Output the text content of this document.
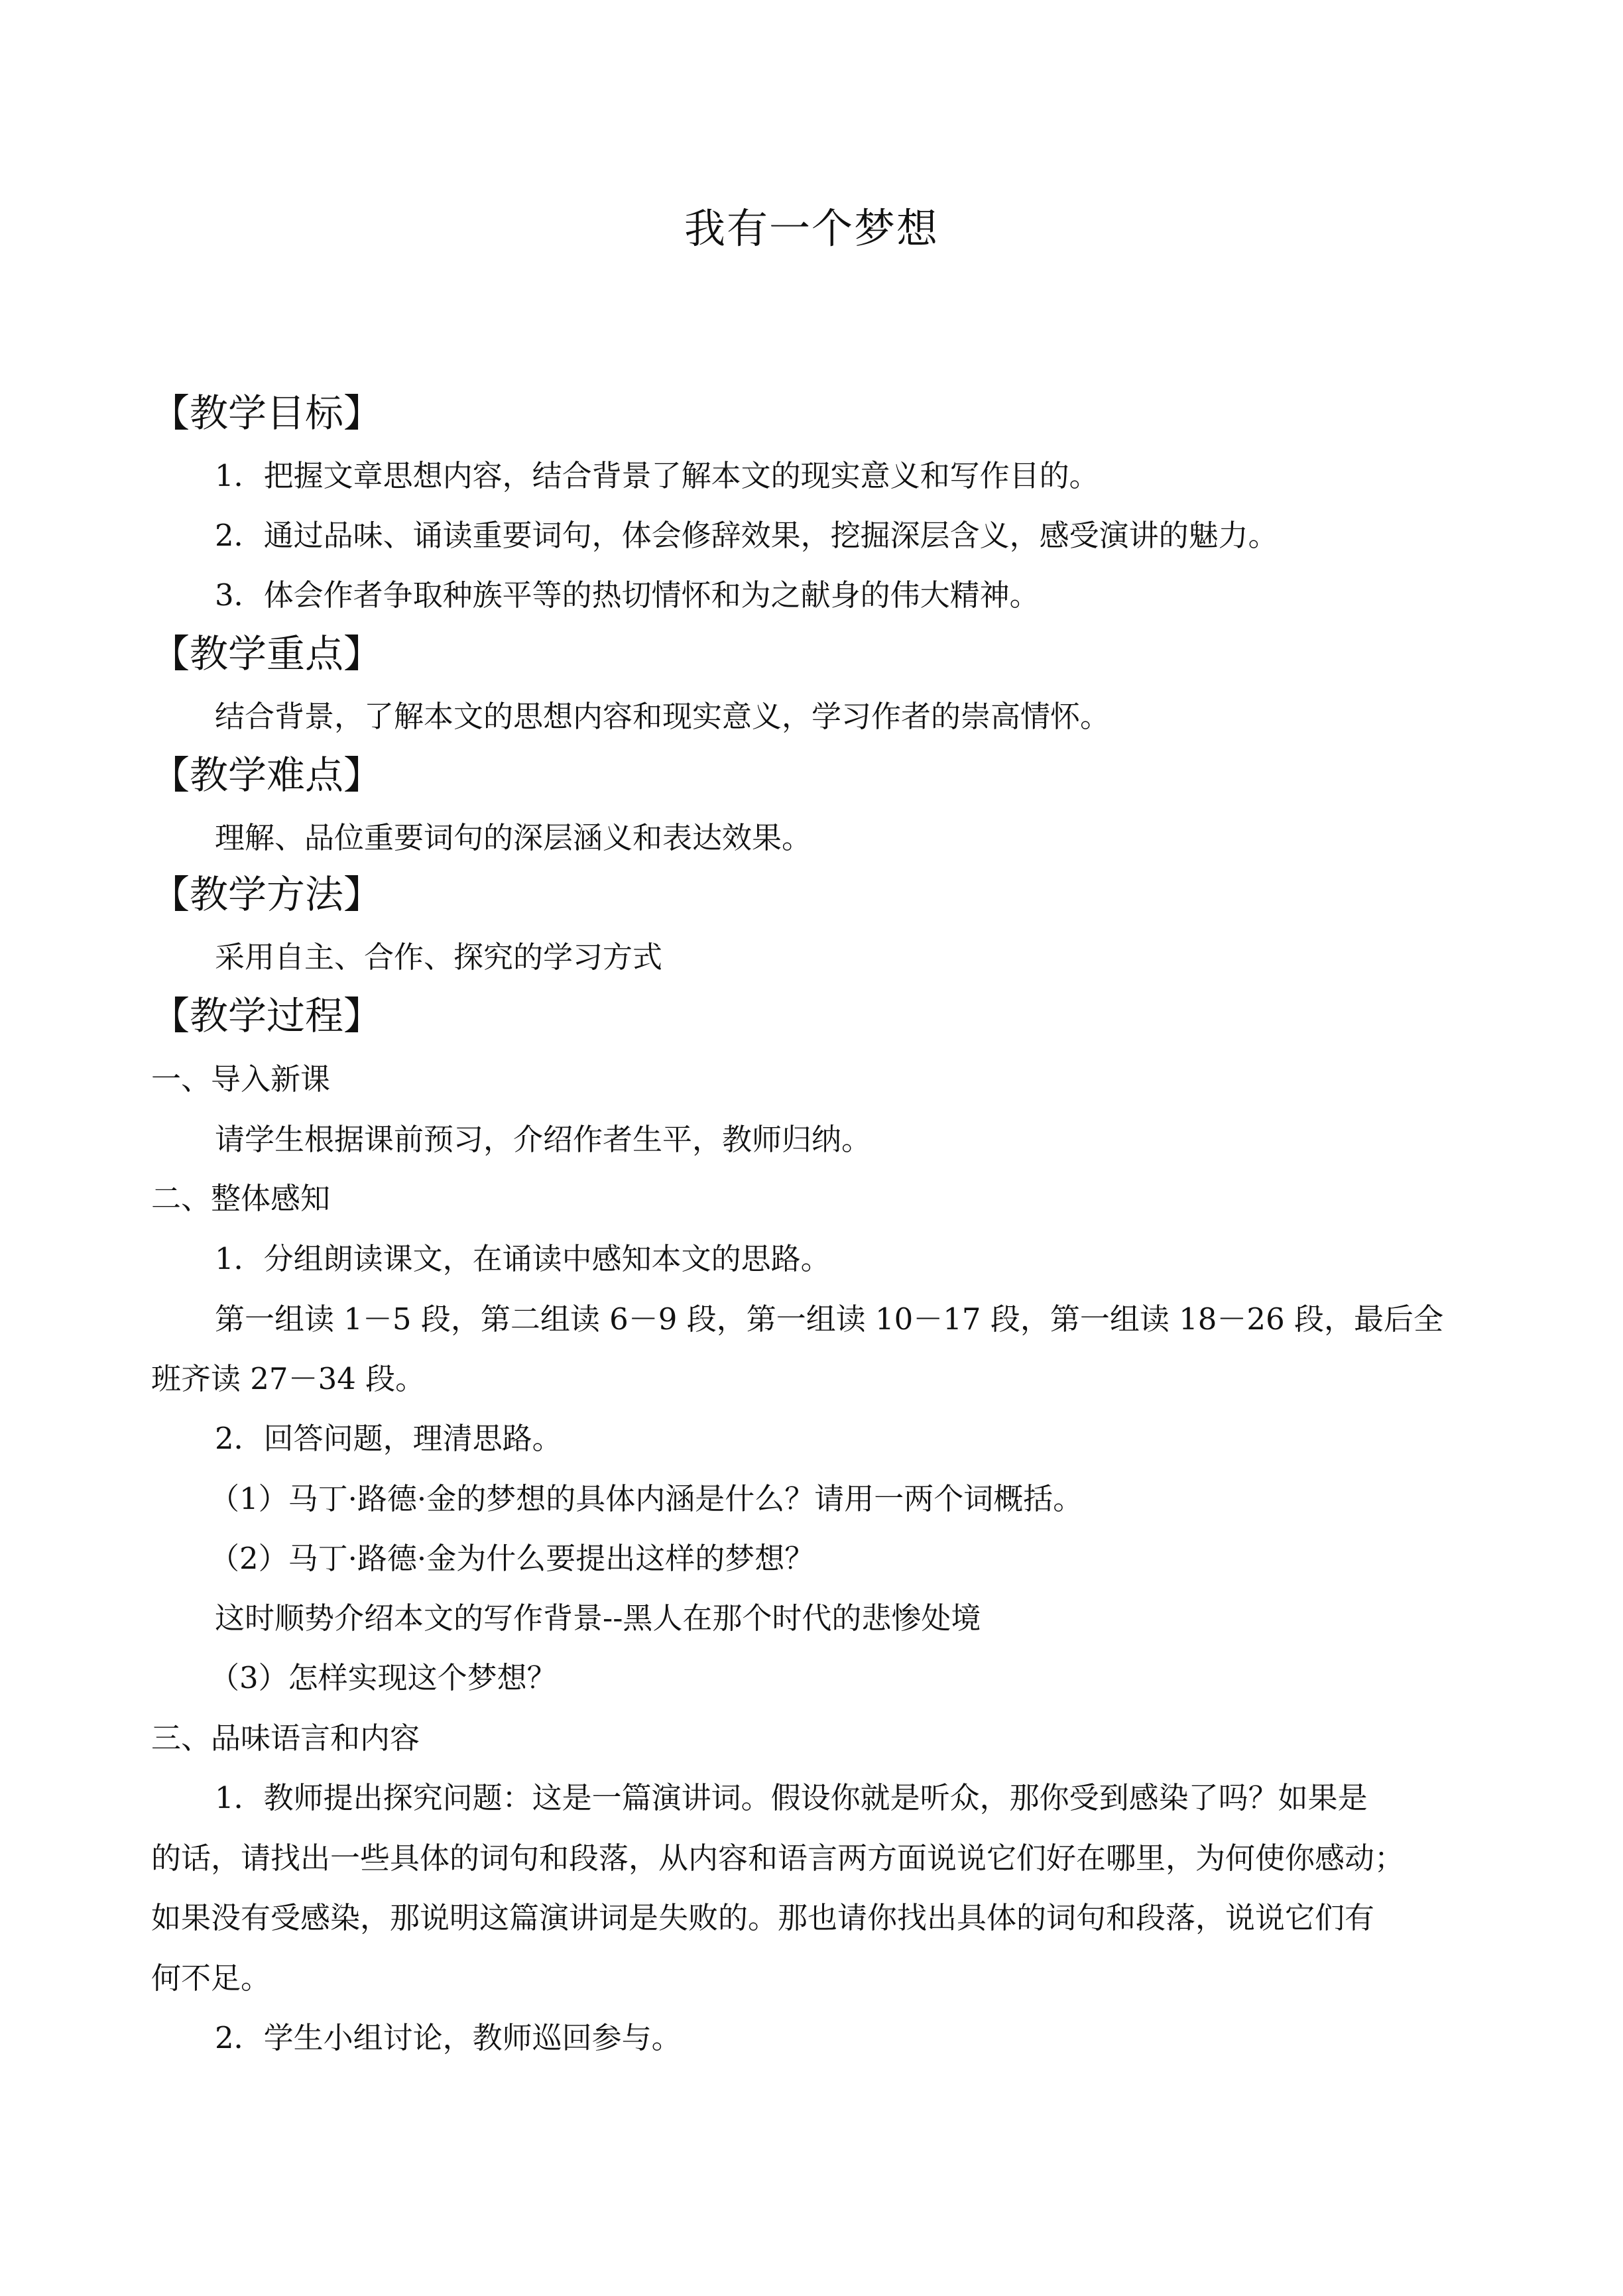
我有一个梦想
【教学目标】
1．把握文章思想内容，结合背景了解本文的现实意义和写作目的。
2．通过品味、诵读重要词句，体会修辞效果，挖掘深层含义，感受演讲的魅力。
3．体会作者争取种族平等的热切情怀和为之献身的伟大精神。
【教学重点】
结合背景，了解本文的思想内容和现实意义，学习作者的崇高情怀。
【教学难点】
理解、品位重要词句的深层涵义和表达效果。
【教学方法】
采用自主、合作、探究的学习方式
【教学过程】
一、导入新课
请学生根据课前预习，介绍作者生平，教师归纳。
二、整体感知
1．分组朗读课文，在诵读中感知本文的思路。
第一组读 1－5 段，第二组读 6－9 段，第一组读 10－17 段，第一组读 18－26 段，最后全
班齐读 27－34 段。
2．回答问题，理清思路。
（1）马丁·路德·金的梦想的具体内涵是什么？请用一两个词概括。
（2）马丁·路德·金为什么要提出这样的梦想？
这时顺势介绍本文的写作背景--黑人在那个时代的悲惨处境
（3）怎样实现这个梦想？
三、品味语言和内容
1．教师提出探究问题：这是一篇演讲词。假设你就是听众，那你受到感染了吗？如果是
的话，请找出一些具体的词句和段落，从内容和语言两方面说说它们好在哪里，为何使你感动；
如果没有受感染，那说明这篇演讲词是失败的。那也请你找出具体的词句和段落，说说它们有
何不足。
2．学生小组讨论，教师巡回参与。
